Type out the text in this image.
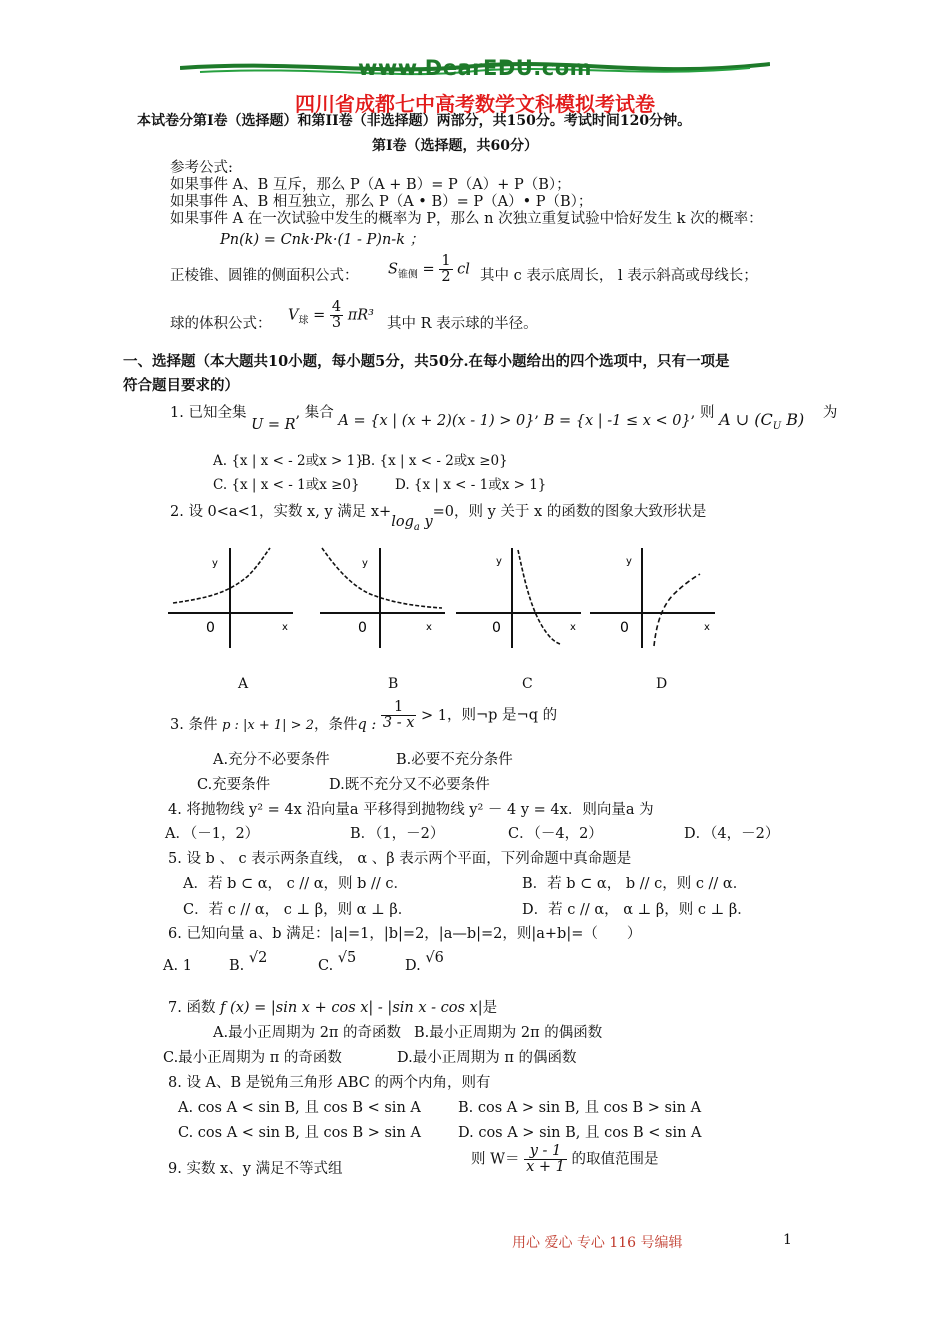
www.DearEDU.com
四川省成都七中高考数学文科模拟考试卷
本试卷分第Ⅰ卷（选择题）和第II卷（非选择题）两部分，共150分。考试时间120分钟。
第Ⅰ卷（选择题，共60分）
参考公式:
如果事件 A、B 互斥，那么 P（A + B）= P（A）+ P（B）；
如果事件 A、B 相互独立，那么 P（A • B）= P（A）• P（B）；
如果事件 A 在一次试验中发生的概率为 P，那么 n 次独立重复试验中恰好发生 k 次的概率：
Pn(k) = Cnk·Pk·(1 - P)n-k ；
正棱锥、圆锥的侧面积公式： $S_{锥侧} = \frac{1}{2}$ cl 其中 c 表示底周长， l 表示斜高或母线长；
球的体积公式：
$V_球 = \frac{4}{3} \pi R^3$
其中 R 表示球的半径。
一、选择题（本大题共10小题，每小题5分，共50分.在每小题给出的四个选项中，只有一项是
符合题目要求的）
1. 已知全集 U = R, 集合 A = {x | (x + 2)(x - 1) > 0}, B = {x | -1 ≤ x < 0}, 则 A ∪ ($C_U$ B) 为
A. {x | x < - 2或x > 1}
B. {x | x < - 2或x ≥0}
C. {x | x < - 1或x ≥0}	D. {x | x < - 1或x > 1}
2. 设 0<a<1，实数 x, y 满足 $x+\log_a$ y=0，则 y 关于 x 的函数的图象大致形状是
y
x
0
y
x
0
y
x
0
y
x
0
A	B	C	D
3. 条件 p : |x + 1| > 2，条件q : $\frac{1}{3 - x} > 1$，则¬p 是¬q 的
A.充分不必要条件	B.必要不充分条件
C.充要条件	D.既不充分又不必要条件
4. 将抛物线 y² = 4x 沿向量a 平移得到抛物线 y² － 4 y = 4x．则向量a 为
A．（－1，2）	B．（1，－2）	C．（－4，2）	D．（4，－2）
5. 设 b 、 c 表示两条直线， α 、β 表示两个平面，下列命题中真命题是
A．若 b ⊂ α， c // α，则 b // c．	B．若 b ⊂ α， b // c，则 c // α．
C．若 c // α， c ⊥ β，则 α ⊥ β．	D．若 c // α， α ⊥ β，则 c ⊥ β．
6. 已知向量 a、b 满足：|a|=1，|b|=2，|a—b|=2，则|a+b|=（　　）
A. 1	B. √2	C. √5	D. √6
7. 函数 f (x) = |sin x + cos x| - |sin x - cos x|是
A.最小正周期为 2π 的奇函数 B.最小正周期为 2π 的偶函数
C.最小正周期为 π 的奇函数	D.最小正周期为 π 的偶函数
8. 设 A、B 是锐角三角形 ABC 的两个内角，则有
A. cos A < sin B, 且 cos B < sin A	B. cos A > sin B, 且 cos B > sin A
C. cos A < sin B, 且 cos B > sin A	D. cos A > sin B, 且 cos B < sin A
9. 实数 x、y 满足不等式组
则 $W= \frac{y - 1}{x + 1}$ 的取值范围是
用心 爱心 专心 116 号编辑	1
